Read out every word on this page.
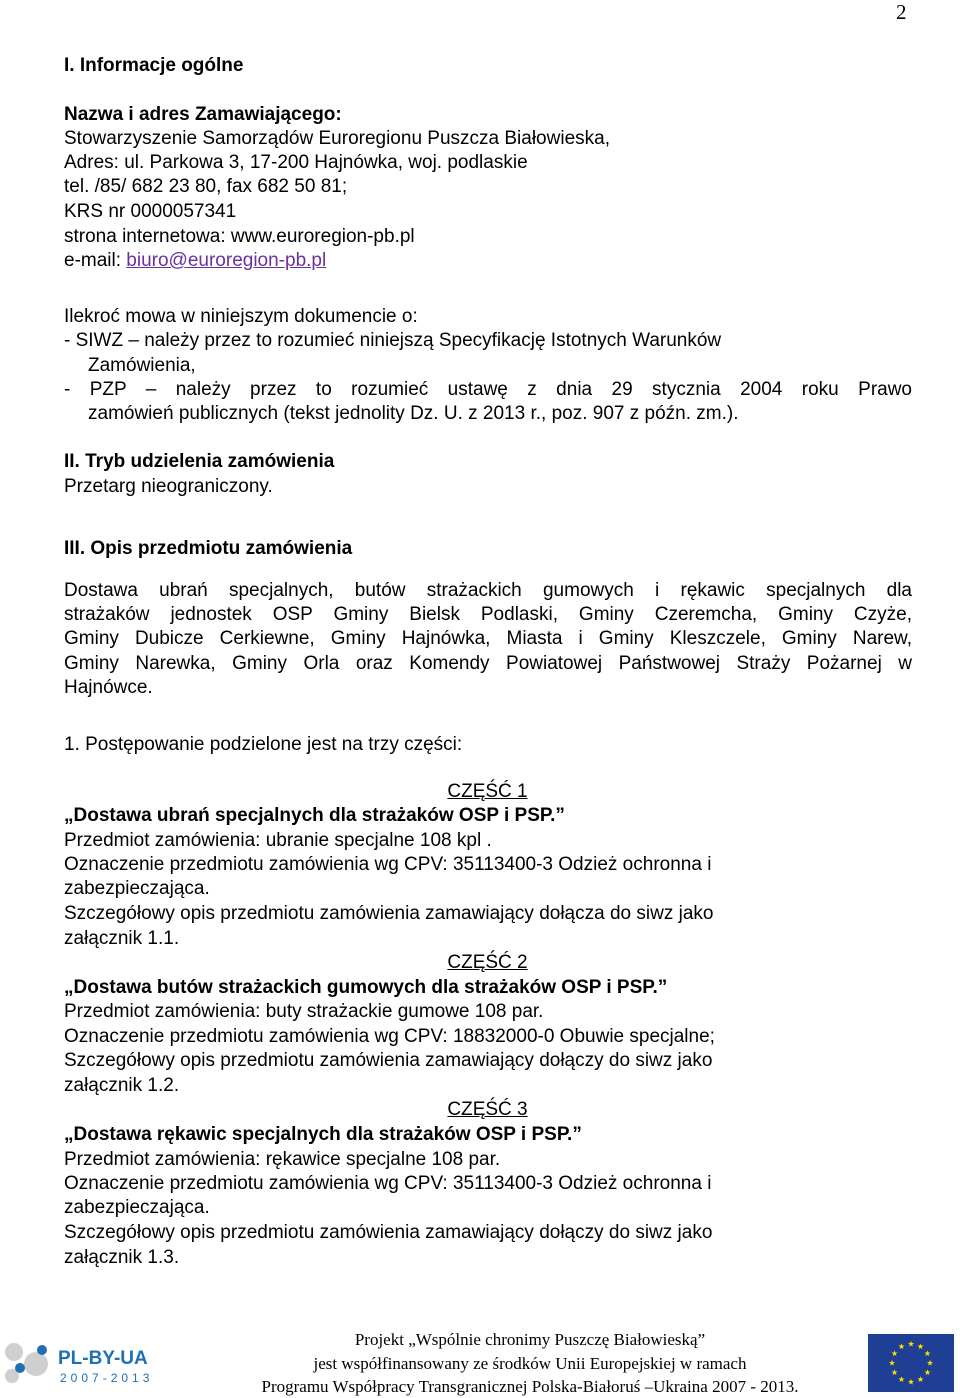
2
I. Informacje ogólne
Nazwa i adres Zamawiającego:
Stowarzyszenie Samorządów Euroregionu Puszcza Białowieska,
Adres: ul. Parkowa 3, 17-200 Hajnówka, woj. podlaskie
tel. /85/ 682 23 80, fax 682 50 81;
KRS nr 0000057341
strona internetowa: www.euroregion-pb.pl
e-mail: biuro@euroregion-pb.pl
Ilekroć mowa w niniejszym dokumencie o:
- SIWZ – należy przez to rozumieć niniejszą Specyfikację Istotnych Warunków
Zamówienia,
- PZP – należy przez to rozumieć ustawę z dnia 29 stycznia 2004 roku Prawo
zamówień publicznych (tekst jednolity Dz. U. z 2013 r., poz. 907 z późn. zm.).
II. Tryb udzielenia zamówienia
Przetarg nieograniczony.
III. Opis przedmiotu zamówienia
Dostawa ubrań specjalnych, butów strażackich gumowych i rękawic specjalnych dla
strażaków jednostek OSP Gminy Bielsk Podlaski, Gminy Czeremcha, Gminy Czyże,
Gminy Dubicze Cerkiewne, Gminy Hajnówka, Miasta i Gminy Kleszczele, Gminy Narew,
Gminy Narewka, Gminy Orla oraz Komendy Powiatowej Państwowej Straży Pożarnej w
Hajnówce.
1. Postępowanie podzielone jest na trzy części:
CZĘŚĆ 1
„Dostawa ubrań specjalnych dla strażaków OSP i PSP.”
Przedmiot zamówienia: ubranie specjalne 108 kpl .
Oznaczenie przedmiotu zamówienia wg CPV: 35113400-3 Odzież ochronna i
zabezpieczająca.
Szczegółowy opis przedmiotu zamówienia zamawiający dołącza do siwz jako
załącznik 1.1.
CZĘŚĆ 2
„Dostawa butów strażackich gumowych dla strażaków OSP i PSP.”
Przedmiot zamówienia: buty strażackie gumowe 108 par.
Oznaczenie przedmiotu zamówienia wg CPV: 18832000-0 Obuwie specjalne;
Szczegółowy opis przedmiotu zamówienia zamawiający dołączy do siwz jako
załącznik 1.2.
CZĘŚĆ 3
„Dostawa rękawic specjalnych dla strażaków OSP i PSP.”
Przedmiot zamówienia: rękawice specjalne 108 par.
Oznaczenie przedmiotu zamówienia wg CPV: 35113400-3 Odzież ochronna i
zabezpieczająca.
Szczegółowy opis przedmiotu zamówienia zamawiający dołączy do siwz jako
załącznik 1.3.
PL-BY-UA
2007-2013
Projekt „Wspólnie chronimy Puszczę Białowieską”
jest współfinansowany ze środków Unii Europejskiej w ramach
Programu Współpracy Transgranicznej Polska-Białoruś –Ukraina 2007 - 2013.
